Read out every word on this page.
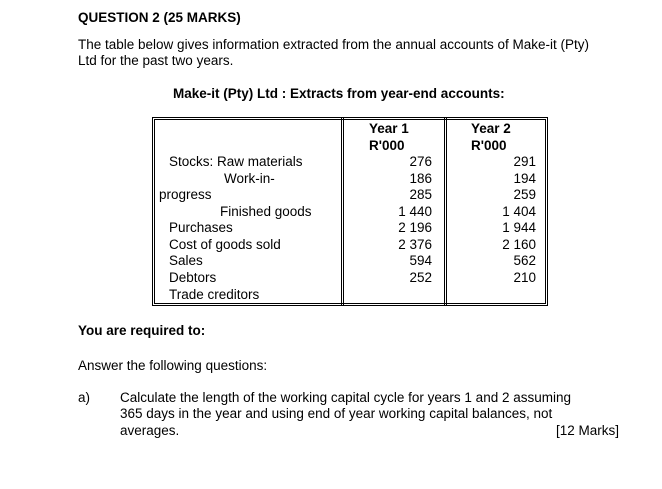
QUESTION 2 (25 MARKS)
The table below gives information extracted from the annual accounts of Make-it (Pty)
Ltd for the past two years.
Make-it (Pty) Ltd : Extracts from year-end accounts:
Year 1
R'000
Year 2
R'000
Stocks: Raw materials
Work-in-
progress
Finished goods
Purchases
Cost of goods sold
Sales
Debtors
Trade creditors
276
186
285
1 440
2 196
2 376
594
252
291
194
259
1 404
1 944
2 160
562
210
You are required to:
Answer the following questions:
a) Calculate the length of the working capital cycle for years 1 and 2 assuming
365 days in the year and using end of year working capital balances, not
averages.	[12 Marks]
